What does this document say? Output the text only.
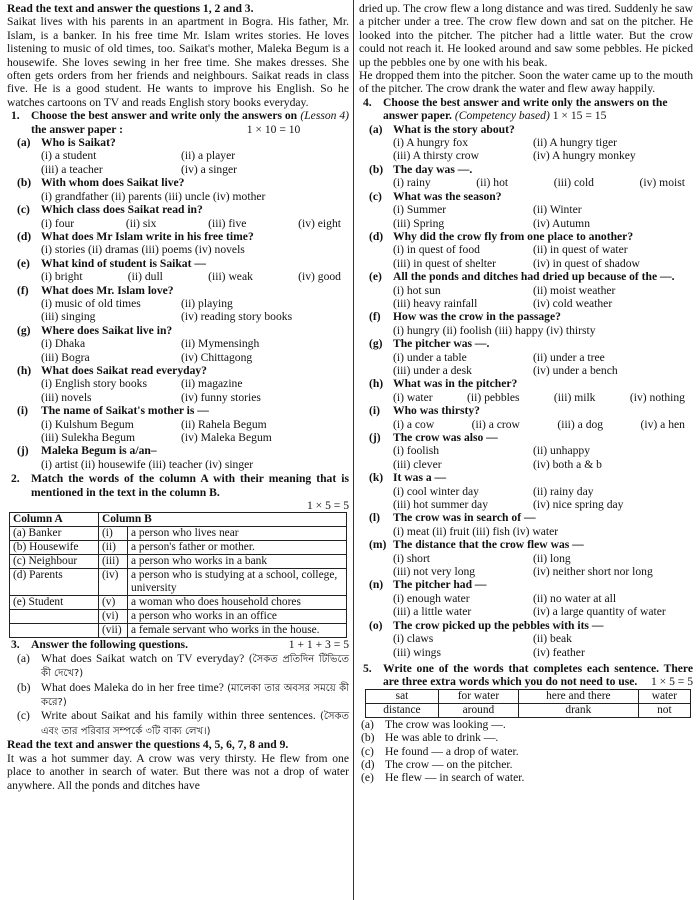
Read the text and answer the questions 1, 2 and 3.

Saikat lives with his parents in an apartment in Bogra. His father, Mr. Islam, is a banker. In his free time Mr. Islam writes stories. He loves listening to music of old times, too. Saikat's mother, Maleka Begum is a housewife. She loves sewing in her free time. She makes dresses. She often gets orders from her friends and neighbours. Saikat reads in class five. He is a good student. He wants to improve his English. So he watches cartoons on TV and reads English story books everyday.
(Lesson 4)

1. Choose the best answer and write only the answers on the answer paper :	1 × 10 = 10
(a) Who is Saikat?
(i) a student	(ii) a player
(iii) a teacher	(iv) a singer
(b) With whom does Saikat live?
(i) grandfather (ii) parents (iii) uncle (iv) mother
(c) Which class does Saikat read in?
(i) four	(ii) six	(iii) five	(iv) eight
(d) What does Mr Islam write in his free time?
(i) stories (ii) dramas (iii) poems (iv) novels
(e) What kind of student is Saikat —
(i) bright	(ii) dull	(iii) weak	(iv) good
(f)	What does Mr. Islam love?
(i) music of old times	(ii) playing
(iii) singing	(iv) reading story books
(g) Where does Saikat live in?
(i) Dhaka	(ii) Mymensingh
(iii) Bogra	(iv) Chittagong
(h) What does Saikat read everyday?
(i) English story books	(ii) magazine
(iii) novels	(iv) funny stories
(i)	The name of Saikat's mother is —
(i) Kulshum Begum	(ii) Rahela Begum
(iii) Sulekha Begum	(iv) Maleka Begum
(j)	Maleka Begum is a/an–
(i) artist (ii) housewife (iii) teacher (iv) singer
2. Match the words of the column A with their meaning that is mentioned in the text in the column B.

1 × 5 = 5
Column A	Column B	
(a) Banker	(i)	a person who lives near
(b) Housewife	(ii)	a person's father or mother.
(c) Neighbour	(iii)	a person who works in a bank
(d) Parents	(iv)	a person who is studying at a school, college, university
(e) Student	(v)	a woman who does household chores
	(vi)	a person who works in an office
	(vii)	a female servant who works in the house.
3. Answer the following questions.	1 + 1 + 3 = 5
(a) What does Saikat watch on TV everyday? (সৈকত প্রতিদিন টিভিতে কী দেখে?)
(b) What does Maleka do in her free time? (মালেকা তার অবসর সময়ে কী করে?)
(c) Write about Saikat and his family within three sentences. (সৈকত এবং তার পরিবার সম্পর্কে ৩টি বাক্য লেখ।)

Read the text and answer the questions 4, 5, 6, 7, 8 and 9.

It was a hot summer day. A crow was very thirsty. He flew from one place to another in search of water. But there was not a drop of water anywhere. All the ponds and ditches have

dried up. The crow flew a long distance and was tired. Suddenly he saw a pitcher under a tree. The crow flew down and sat on the pitcher. He looked into the pitcher. The pitcher had a little water. But the crow could not reach it. He looked around and saw some pebbles. He picked up the pebbles one by one with his beak.

He dropped them into the pitcher. Soon the water came up to the mouth of the pitcher. The crow drank the water and flew away happily.

4. Choose the best answer and write only the answers on the answer paper. (Competency based) 1 × 15 = 15
(a) What is the story about?
(i) A hungry fox	(ii) A hungry tiger
(iii) A thirsty crow	(iv) A hungry monkey
(b) The day was —.
(i) rainy	(ii) hot	(iii) cold	(iv) moist
(c) What was the season?
(i) Summer	(ii) Winter
(iii) Spring	(iv) Autumn
(d) Why did the crow fly from one place to another?
(i) in quest of food	(ii) in quest of water
(iii) in quest of shelter	(iv) in quest of shadow
(e) All the ponds and ditches had dried up because of the —.
(i) hot sun	(ii) moist weather
(iii) heavy rainfall	(iv) cold weather
(f)	How was the crow in the passage?
(i) hungry (ii) foolish (iii) happy (iv) thirsty
(g) The pitcher was —.
(i) under a table	(ii) under a tree
(iii) under a desk	(iv) under a bench
(h) What was in the pitcher?
(i) water	(ii) pebbles	(iii) milk	(iv) nothing
(i)	Who was thirsty?
(i) a cow	(ii) a crow	(iii) a dog	(iv) a hen
(j)	The crow was also —
(i) foolish	(ii) unhappy
(iii) clever	(iv) both a & b
(k) It was a —
(i) cool winter day	(ii) rainy day
(iii) hot summer day	(iv) nice spring day
(l)	The crow was in search of —
(i) meat (ii) fruit (iii) fish (iv) water
(m) The distance that the crow flew was —
(i) short	(ii) long
(iii) not very long	(iv) neither short nor long
(n) The pitcher had —
(i) enough water	(ii) no water at all
(iii) a little water	(iv) a large quantity of water
(o) The crow picked up the pebbles with its —
(i) claws	(ii) beak
(iii) wings	(iv) feather
5. Write one of the words that completes each sentence. There are three extra words which you do not need to use. 1 × 5 = 5
sat	for water	here and there	water
distance	around	drank	not
(a) The crow was looking —.
(b) He was able to drink —.
(c) He found — a drop of water.
(d) The crow — on the pitcher.
(e) He flew — in search of water.
